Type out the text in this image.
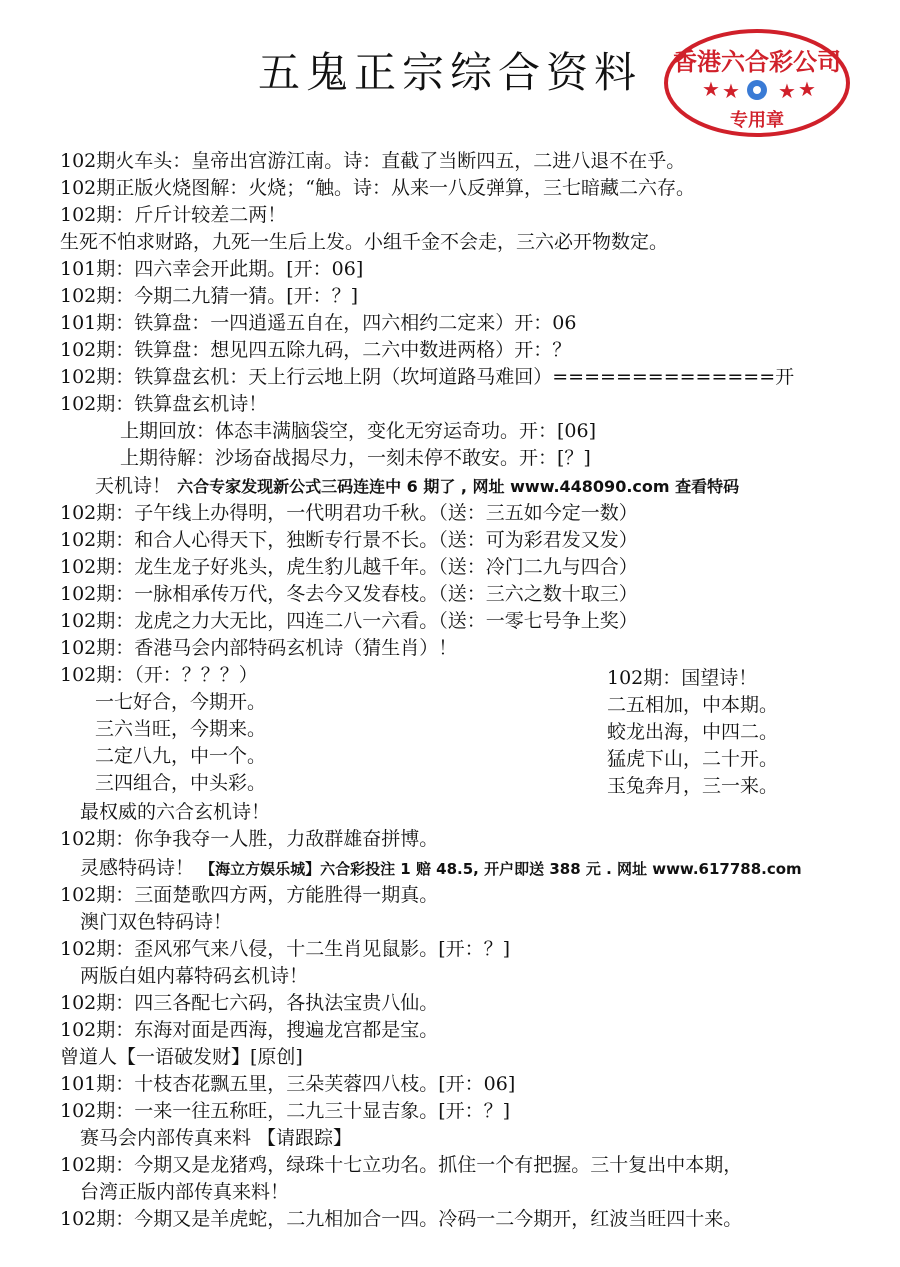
五鬼正宗综合资料	香港六合彩公司
★ ★ ★ ★
专用章
102期火车头：皇帝出宫游江南。诗：直截了当断四五，二进八退不在乎。
102期正版火烧图解：火烧；“触。诗：从来一八反弹算，三七暗藏二六存。
102期：斤斤计较差二两！
生死不怕求财路，九死一生后上发。小组千金不会走，三六必开物数定。
101期：四六幸会开此期。[开：06]
102期：今期二九猜一猜。[开：？]
101期：铁算盘：一四逍遥五自在，四六相约二定来）开：06
102期：铁算盘：想见四五除九码，二六中数进两格）开：？
102期：铁算盘玄机：天上行云地上阴（坎坷道路马难回）==============开
102期：铁算盘玄机诗！
上期回放：体态丰满脑袋空，变化无穷运奇功。开：[06]
上期待解：沙场奋战揭尽力，一刻未停不敢安。开：[？]
天机诗！ 六合专家发现新公式三码连连中 6 期了 , 网址 www.448090.com 查看特码
102期：子午线上办得明，一代明君功千秋。（送：三五如今定一数）
102期：和合人心得天下，独断专行景不长。（送：可为彩君发又发）
102期：龙生龙子好兆头，虎生豹儿越千年。（送：冷门二九与四合）
102期：一脉相承传万代，冬去今又发春枝。（送：三六之数十取三）
102期：龙虎之力大无比，四连二八一六看。（送：一零七号争上奖）
102期：香港马会内部特码玄机诗（猜生肖）！
102期：（开：？？？）
一七好合，今期开。
三六当旺，今期来。
二定八九，中一个。
三四组合，中头彩。
102期：国望诗！
二五相加，中本期。
蛟龙出海，中四二。
猛虎下山，二十开。
玉兔奔月，三一来。
最权威的六合玄机诗！
102期：你争我夺一人胜，力敌群雄奋拼博。
灵感特码诗！ 【海立方娱乐城】六合彩投注 1 赔 48.5, 开户即送 388 元 . 网址 www.617788.com
102期：三面楚歌四方两，方能胜得一期真。
澳门双色特码诗！
102期：歪风邪气来八侵，十二生肖见鼠影。[开：？]
两版白姐内幕特码玄机诗！
102期：四三各配七六码，各执法宝贵八仙。
102期：东海对面是西海，搜遍龙宫都是宝。
曾道人【一语破发财】[原创]
101期：十枝杏花飘五里，三朵芙蓉四八枝。[开：06]
102期：一来一往五称旺，二九三十显吉象。[开：？]
赛马会内部传真来料 【请跟踪】
102期：今期又是龙猪鸡，绿珠十七立功名。抓住一个有把握。三十复出中本期，
台湾正版内部传真来料！
102期：今期又是羊虎蛇，二九相加合一四。冷码一二今期开，红波当旺四十来。
